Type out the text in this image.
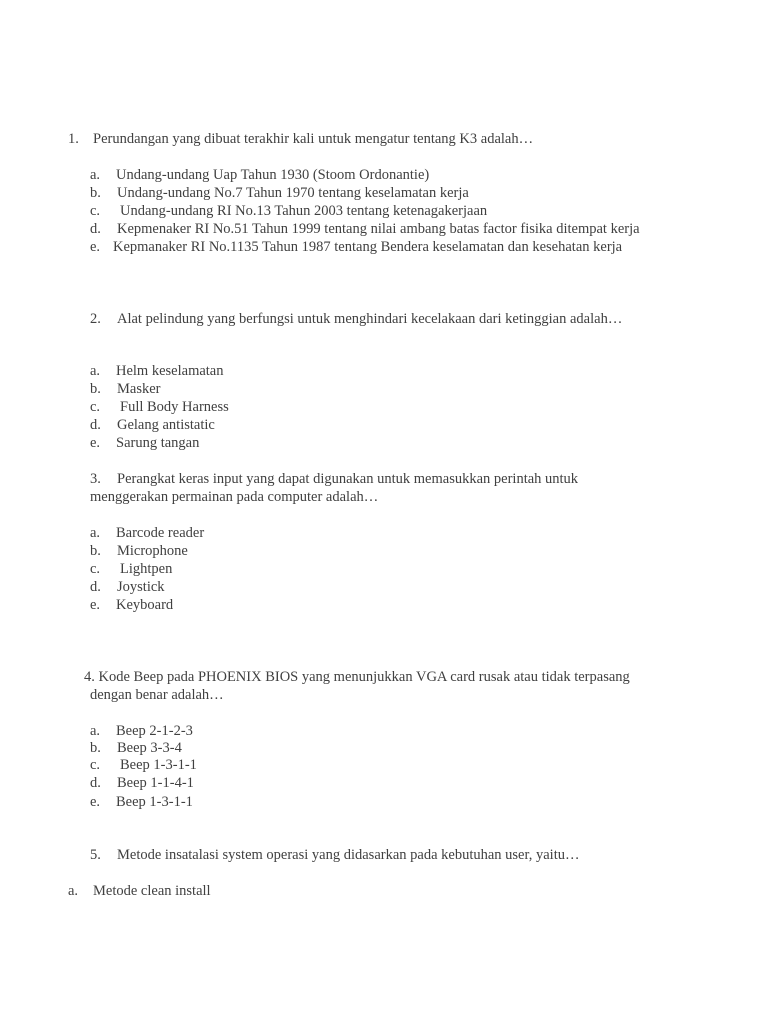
1. Perundangan yang dibuat terakhir kali untuk mengatur tentang K3 adalah…
a. Undang-undang Uap Tahun 1930 (Stoom Ordonantie)
b. Undang-undang No.7 Tahun 1970 tentang keselamatan kerja
c. Undang-undang RI No.13 Tahun 2003 tentang ketenagakerjaan
d. Kepmenaker RI No.51 Tahun 1999 tentang nilai ambang batas factor fisika ditempat kerja
e. Kepmanaker RI No.1135 Tahun 1987 tentang Bendera keselamatan dan kesehatan kerja
2. Alat pelindung yang berfungsi untuk menghindari kecelakaan dari ketinggian adalah…
a. Helm keselamatan
b. Masker
c. Full Body Harness
d. Gelang antistatic
e. Sarung tangan
3. Perangkat keras input yang dapat digunakan untuk memasukkan perintah untuk
menggerakan permainan pada computer adalah…
a. Barcode reader
b. Microphone
c. Lightpen
d. Joystick
e. Keyboard
4. Kode Beep pada PHOENIX BIOS yang menunjukkan VGA card rusak atau tidak terpasang
dengan benar adalah…
a. Beep 2-1-2-3
b. Beep 3-3-4
c. Beep 1-3-1-1
d. Beep 1-1-4-1
e. Beep 1-3-1-1
5. Metode insatalasi system operasi yang didasarkan pada kebutuhan user, yaitu…
a. Metode clean install
